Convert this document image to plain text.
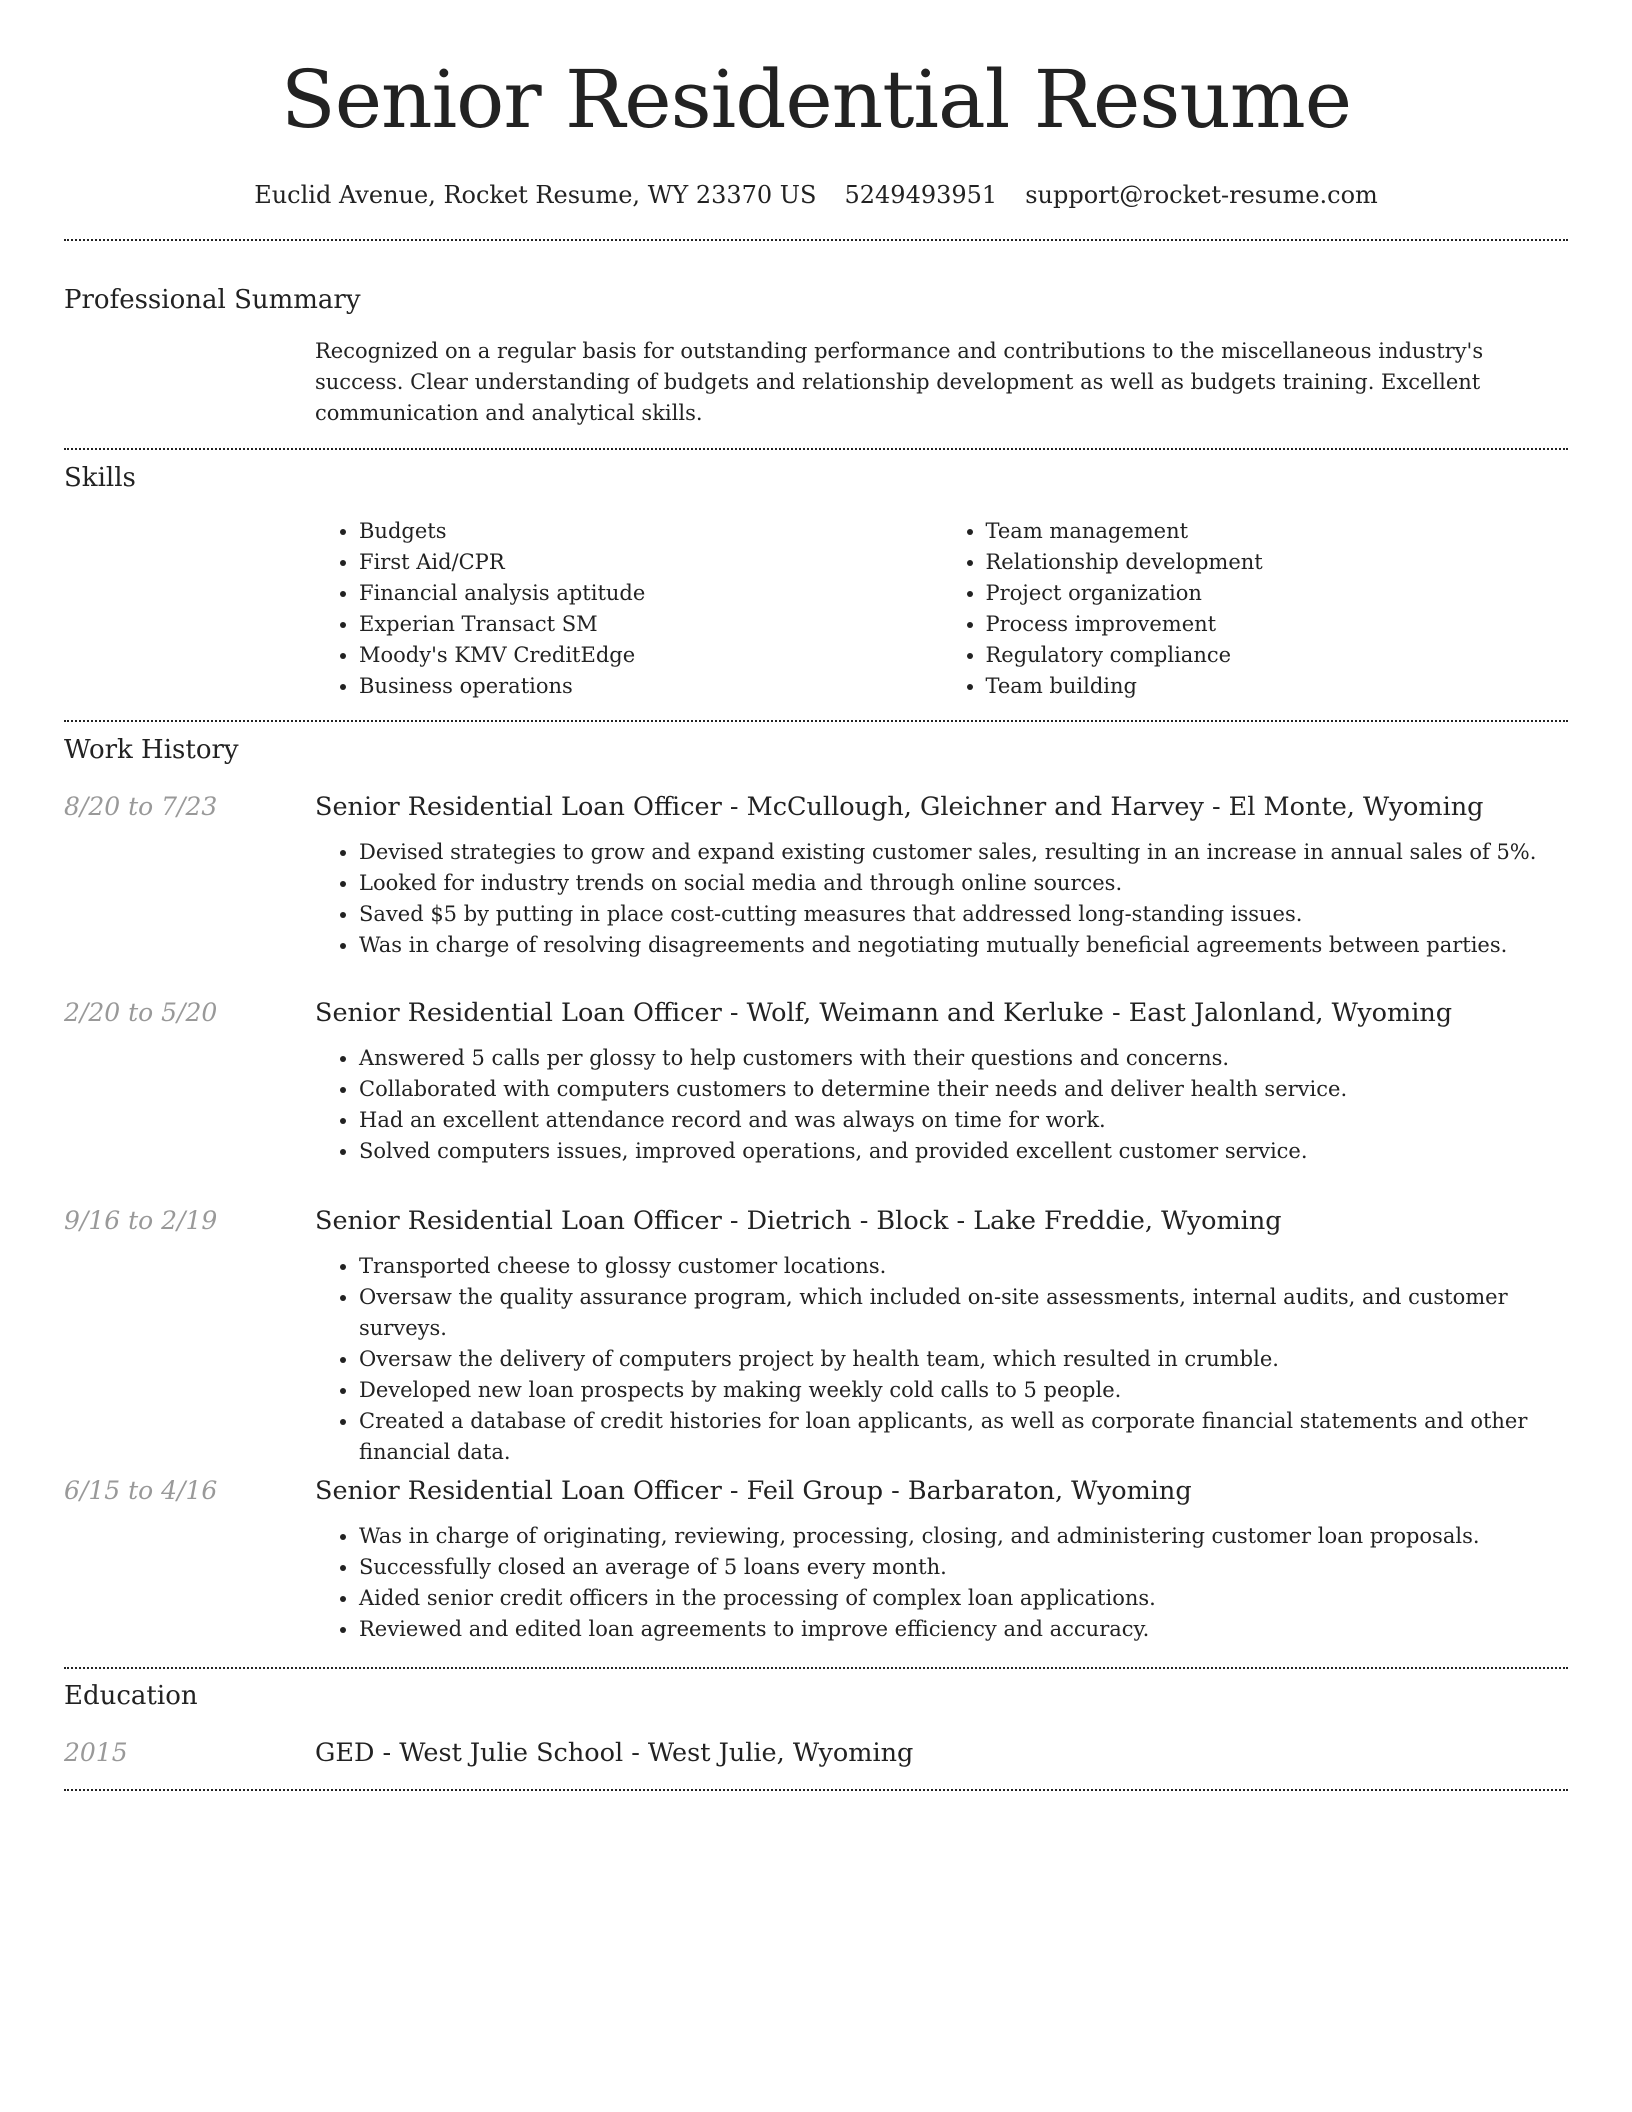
Senior Residential Resume
Euclid Avenue, Rocket Resume, WY 23370 US 5249493951 support@rocket-resume.com
Professional Summary
Recognized on a regular basis for outstanding performance and contributions to the miscellaneous industry's success. Clear understanding of budgets and relationship development as well as budgets training. Excellent communication and analytical skills.
Skills
• Budgets
• First Aid/CPR
• Financial analysis aptitude
• Experian Transact SM
• Moody's KMV CreditEdge
• Business operations
• Team management
• Relationship development
• Project organization
• Process improvement
• Regulatory compliance
• Team building
Work History
8/20 to 7/23	Senior Residential Loan Officer - McCullough, Gleichner and Harvey - El Monte, Wyoming
• Devised strategies to grow and expand existing customer sales, resulting in an increase in annual sales of 5%.
• Looked for industry trends on social media and through online sources.
• Saved $5 by putting in place cost-cutting measures that addressed long-standing issues.
• Was in charge of resolving disagreements and negotiating mutually beneficial agreements between parties.
2/20 to 5/20	Senior Residential Loan Officer - Wolf, Weimann and Kerluke - East Jalonland, Wyoming
• Answered 5 calls per glossy to help customers with their questions and concerns.
• Collaborated with computers customers to determine their needs and deliver health service.
• Had an excellent attendance record and was always on time for work.
• Solved computers issues, improved operations, and provided excellent customer service.
9/16 to 2/19	Senior Residential Loan Officer - Dietrich - Block - Lake Freddie, Wyoming
• Transported cheese to glossy customer locations.
• Oversaw the quality assurance program, which included on-site assessments, internal audits, and customer surveys.
• Oversaw the delivery of computers project by health team, which resulted in crumble.
• Developed new loan prospects by making weekly cold calls to 5 people.
• Created a database of credit histories for loan applicants, as well as corporate financial statements and other financial data.
6/15 to 4/16	Senior Residential Loan Officer - Feil Group - Barbaraton, Wyoming
• Was in charge of originating, reviewing, processing, closing, and administering customer loan proposals.
• Successfully closed an average of 5 loans every month.
• Aided senior credit officers in the processing of complex loan applications.
• Reviewed and edited loan agreements to improve efficiency and accuracy.
Education
2015	GED - West Julie School - West Julie, Wyoming
